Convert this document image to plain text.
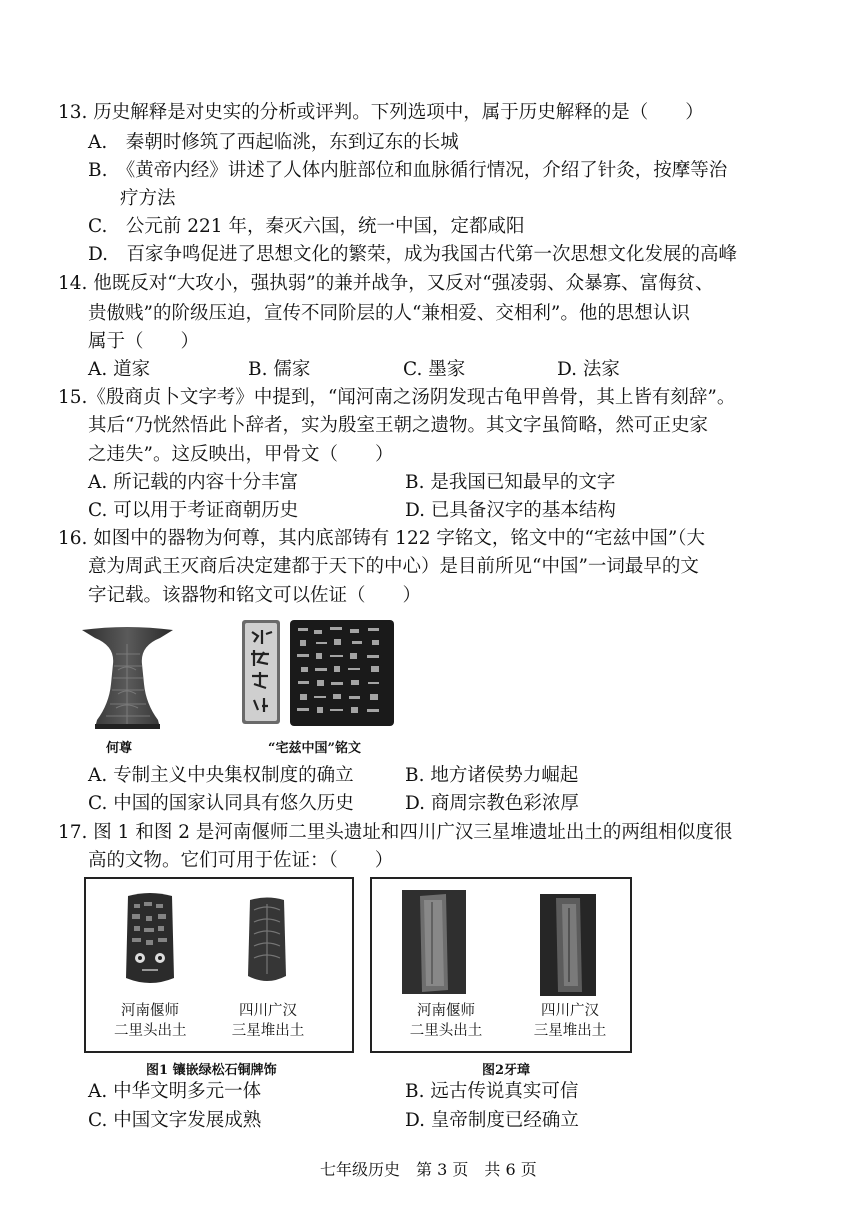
13. 历史解释是对史实的分析或评判。下列选项中，属于历史解释的是（　　）
A.　秦朝时修筑了西起临洮，东到辽东的长城
B.　《黄帝内经》讲述了人体内脏部位和血脉循行情况，介绍了针灸，按摩等治
疗方法
C.　公元前 221 年，秦灭六国，统一中国，定都咸阳
D.　百家争鸣促进了思想文化的繁荣，成为我国古代第一次思想文化发展的高峰
14. 他既反对“大攻小，强执弱”的兼并战争，又反对“强凌弱、众暴寡、富侮贫、
贵傲贱”的阶级压迫，宣传不同阶层的人“兼相爱、交相利”。他的思想认识
属于（　　）
A. 道家	B. 儒家	C. 墨家	D. 法家
15.《殷商贞卜文字考》中提到，“闻河南之汤阴发现古龟甲兽骨，其上皆有刻辞”。
其后“乃恍然悟此卜辞者，实为殷室王朝之遗物。其文字虽简略，然可正史家
之违失”。这反映出，甲骨文（　　）
A. 所记载的内容十分丰富	B. 是我国已知最早的文字
C. 可以用于考证商朝历史	D. 已具备汉字的基本结构
16. 如图中的器物为何尊，其内底部铸有 122 字铭文，铭文中的“宅兹中国”（大
意为周武王灭商后决定建都于天下的中心）是目前所见“中国”一词最早的文
字记载。该器物和铭文可以佐证（　　）
何尊	“宅兹中国”铭文
A. 专制主义中央集权制度的确立	B. 地方诸侯势力崛起
C. 中国的国家认同具有悠久历史	D. 商周宗教色彩浓厚
17. 图 1 和图 2 是河南偃师二里头遗址和四川广汉三星堆遗址出土的两组相似度很
高的文物。它们可用于佐证：（　　）
河南偃师
二里头出土
四川广汉
三星堆出土
图1 镶嵌绿松石铜牌饰
河南偃师
二里头出土
四川广汉
三星堆出土
图2牙璋
A. 中华文明多元一体	B. 远古传说真实可信
C. 中国文字发展成熟	D. 皇帝制度已经确立
七年级历史　第 3 页　共 6 页
